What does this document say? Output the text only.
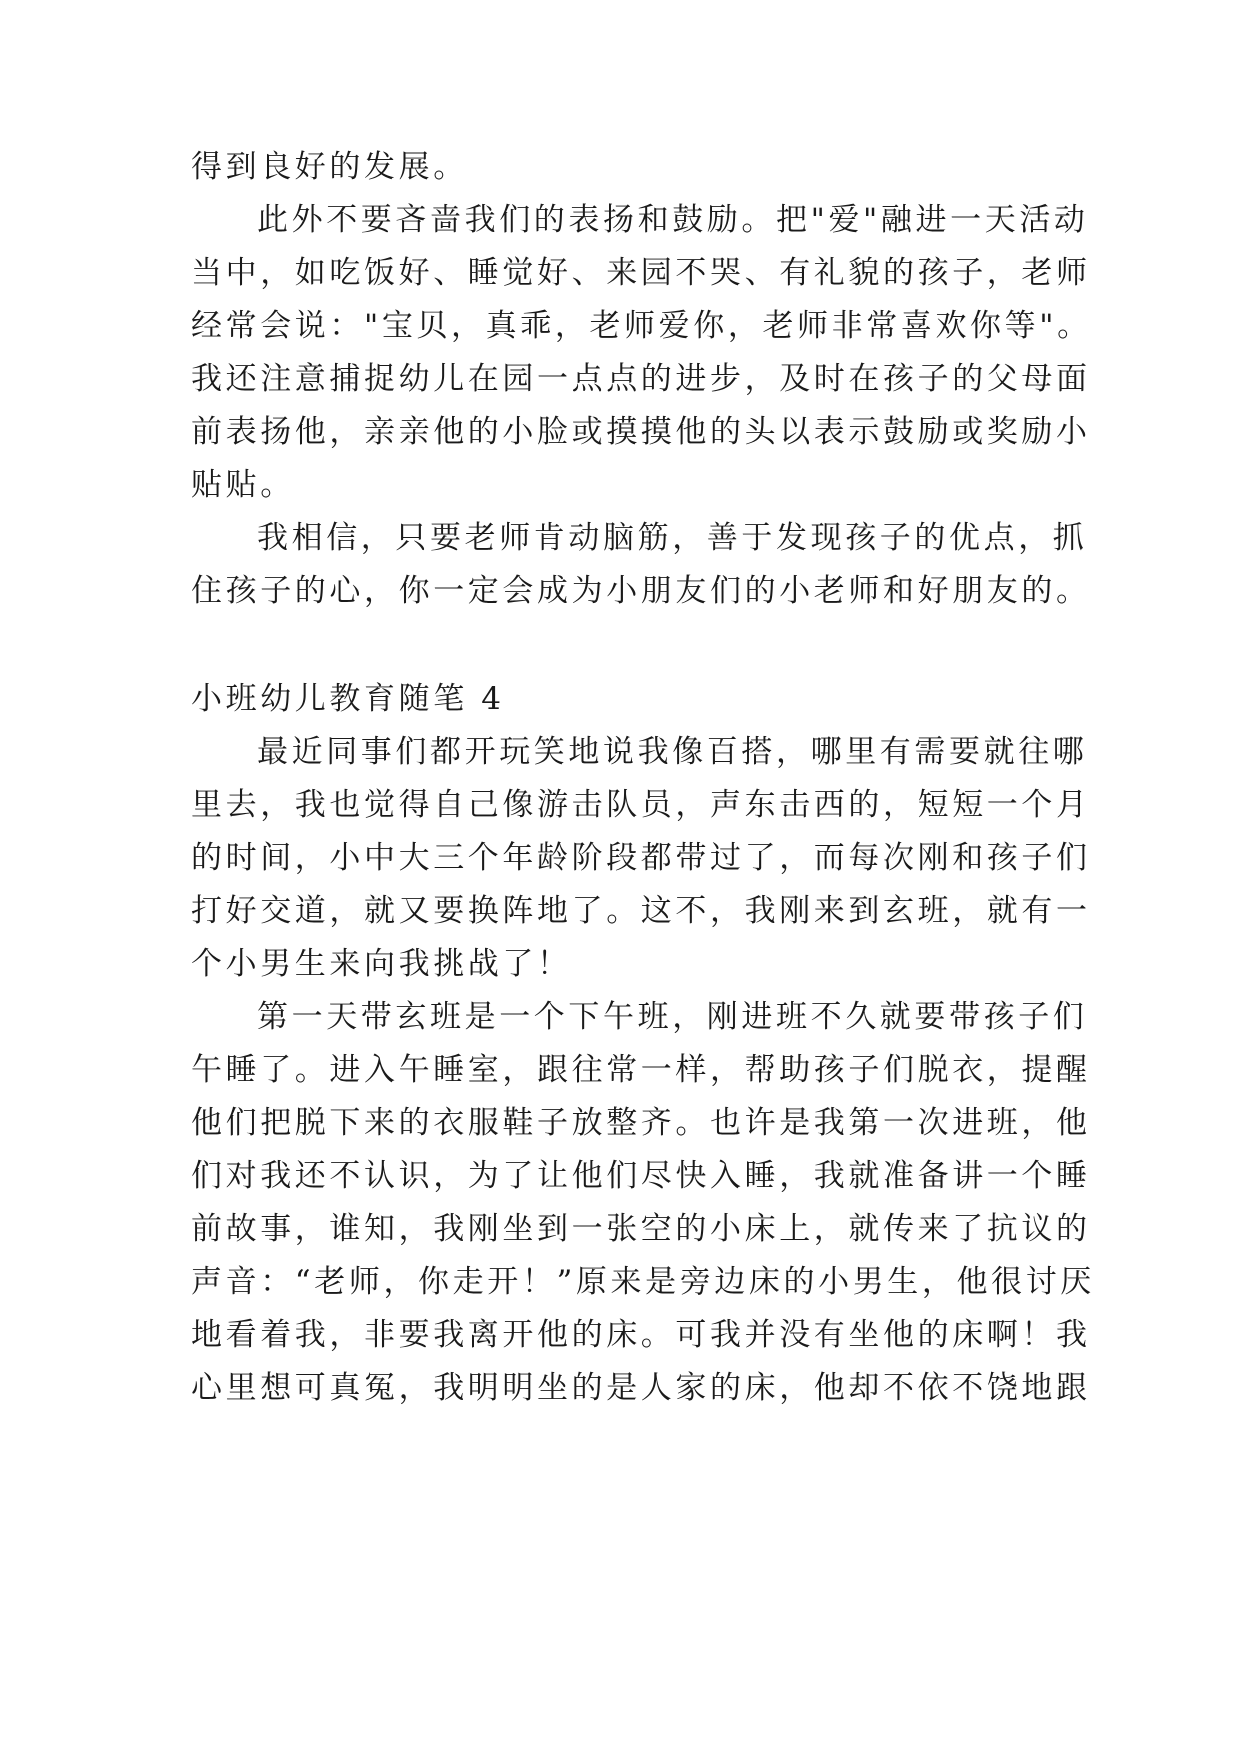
得到良好的发展。
此外不要吝啬我们的表扬和鼓励。把"爱"融进一天活动
当中，如吃饭好、睡觉好、来园不哭、有礼貌的孩子，老师
经常会说："宝贝，真乖，老师爱你，老师非常喜欢你等"。
我还注意捕捉幼儿在园一点点的进步，及时在孩子的父母面
前表扬他，亲亲他的小脸或摸摸他的头以表示鼓励或奖励小
贴贴。
我相信，只要老师肯动脑筋，善于发现孩子的优点，抓
住孩子的心，你一定会成为小朋友们的小老师和好朋友的。
小班幼儿教育随笔 4
最近同事们都开玩笑地说我像百搭，哪里有需要就往哪
里去，我也觉得自己像游击队员，声东击西的，短短一个月
的时间，小中大三个年龄阶段都带过了，而每次刚和孩子们
打好交道，就又要换阵地了。这不，我刚来到玄班，就有一
个小男生来向我挑战了！
第一天带玄班是一个下午班，刚进班不久就要带孩子们
午睡了。进入午睡室，跟往常一样，帮助孩子们脱衣，提醒
他们把脱下来的衣服鞋子放整齐。也许是我第一次进班，他
们对我还不认识，为了让他们尽快入睡，我就准备讲一个睡
前故事，谁知，我刚坐到一张空的小床上，就传来了抗议的
声音：“老师，你走开！”原来是旁边床的小男生，他很讨厌
地看着我，非要我离开他的床。可我并没有坐他的床啊！我
心里想可真冤，我明明坐的是人家的床，他却不依不饶地跟
